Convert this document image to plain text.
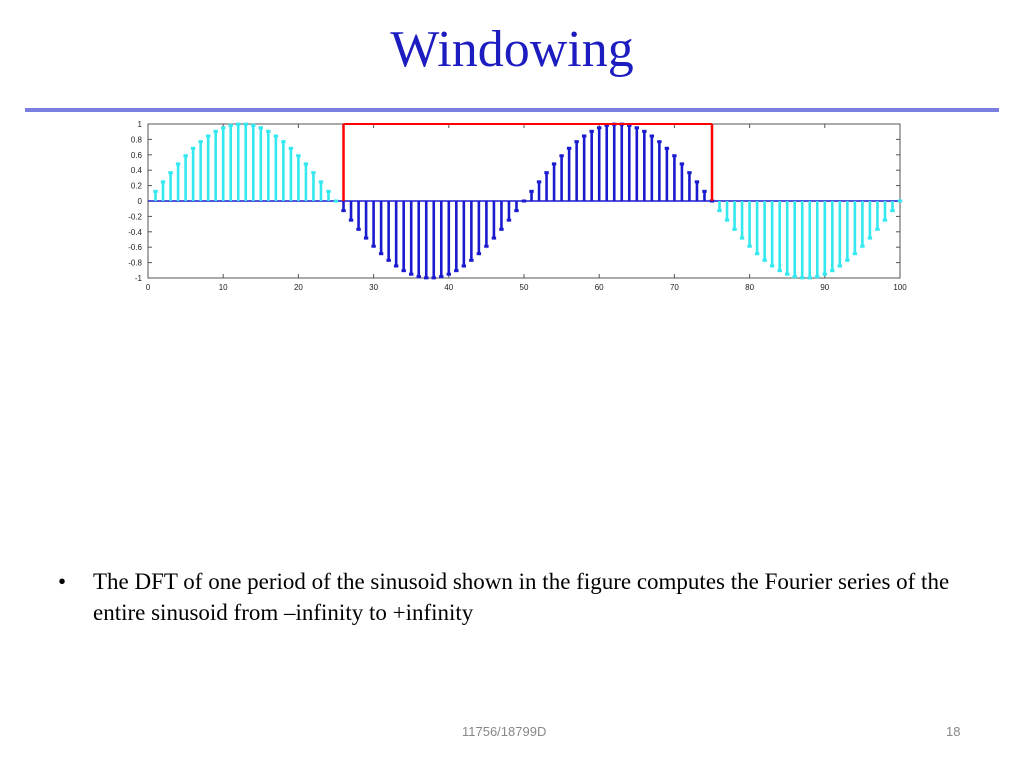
Windowing
1
0.8
0.6
0.4
0.2
0
-0.2
-0.4
-0.6
-0.8
-1
0	10	20	30	40	50	60	70	80	90	100
• The DFT of one period of the sinusoid shown in the figure computes the Fourier series of the entire sinusoid from –infinity to +infinity
11756/18799D	18
